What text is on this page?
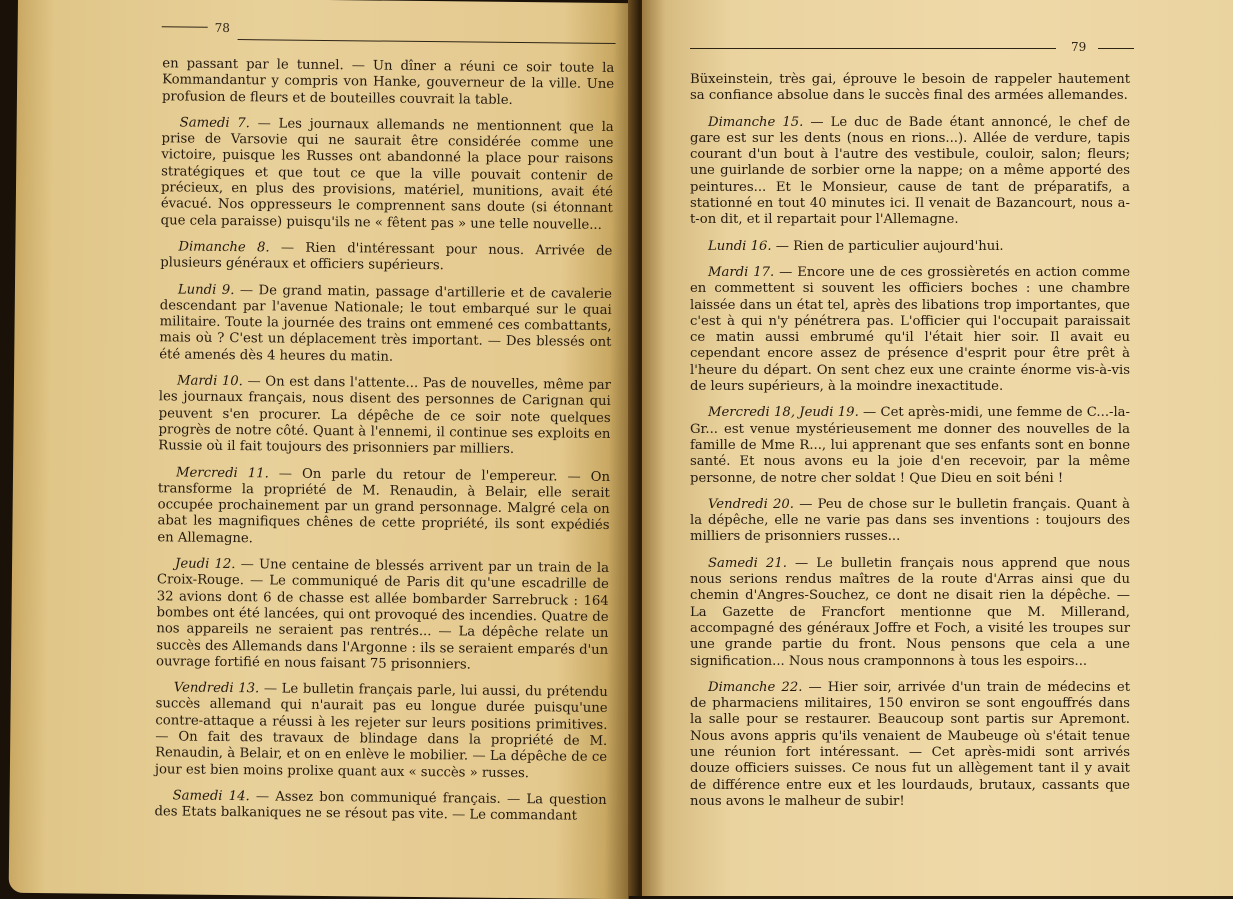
78

en passant par le tunnel. — Un dîner a réuni ce soir toute la Kommandantur y compris von Hanke, gouverneur de la ville. Une profusion de fleurs et de bouteilles couvrait la table.

Samedi 7. — Les journaux allemands ne mentionnent que la prise de Varsovie qui ne saurait être considérée comme une victoire, puisque les Russes ont abandonné la place pour raisons stratégiques et que tout ce que la ville pouvait contenir de précieux, en plus des provisions, matériel, munitions, avait été évacué. Nos oppresseurs le comprennent sans doute (si étonnant que cela paraisse) puisqu'ils ne « fêtent pas » une telle nouvelle...

Dimanche 8. — Rien d'intéressant pour nous. Arrivée de plusieurs généraux et officiers supérieurs.

Lundi 9. — De grand matin, passage d'artillerie et de cavalerie descendant par l'avenue Nationale; le tout embarqué sur le quai militaire. Toute la journée des trains ont emmené ces combattants, mais où ? C'est un déplacement très important. — Des blessés ont été amenés dès 4 heures du matin.

Mardi 10. — On est dans l'attente... Pas de nouvelles, même par les journaux français, nous disent des personnes de Carignan qui peuvent s'en procurer. La dépêche de ce soir note quelques progrès de notre côté. Quant à l'ennemi, il continue ses exploits en Russie où il fait toujours des prisonniers par milliers.

Mercredi 11. — On parle du retour de l'empereur. — On transforme la propriété de M. Renaudin, à Belair, elle serait occupée prochainement par un grand personnage. Malgré cela on abat les magnifiques chênes de cette propriété, ils sont expédiés en Allemagne.

Jeudi 12. — Une centaine de blessés arrivent par un train de la Croix-Rouge. — Le communiqué de Paris dit qu'une escadrille de 32 avions dont 6 de chasse est allée bombarder Sarrebruck : 164 bombes ont été lancées, qui ont provoqué des incendies. Quatre de nos appareils ne seraient pas rentrés... — La dépêche relate un succès des Allemands dans l'Argonne : ils se seraient emparés d'un ouvrage fortifié en nous faisant 75 prisonniers.

Vendredi 13. — Le bulletin français parle, lui aussi, du prétendu succès allemand qui n'aurait pas eu longue durée puisqu'une contre-attaque a réussi à les rejeter sur leurs positions primitives. — On fait des travaux de blindage dans la propriété de M. Renaudin, à Belair, et on en enlève le mobilier. — La dépêche de ce jour est bien moins prolixe quant aux « succès » russes.

Samedi 14. — Assez bon communiqué français. — La question des Etats balkaniques ne se résout pas vite. — Le commandant

79

Büxeinstein, très gai, éprouve le besoin de rappeler hautement sa confiance absolue dans le succès final des armées allemandes.

Dimanche 15. — Le duc de Bade étant annoncé, le chef de gare est sur les dents (nous en rions...). Allée de verdure, tapis courant d'un bout à l'autre des vestibule, couloir, salon; fleurs; une guirlande de sorbier orne la nappe; on a même apporté des peintures... Et le Monsieur, cause de tant de préparatifs, a stationné en tout 40 minutes ici. Il venait de Bazancourt, nous a-t-on dit, et il repartait pour l'Allemagne.

Lundi 16. — Rien de particulier aujourd'hui.

Mardi 17. — Encore une de ces grossièretés en action comme en commettent si souvent les officiers boches : une chambre laissée dans un état tel, après des libations trop importantes, que c'est à qui n'y pénétrera pas. L'officier qui l'occupait paraissait ce matin aussi embrumé qu'il l'était hier soir. Il avait eu cependant encore assez de présence d'esprit pour être prêt à l'heure du départ. On sent chez eux une crainte énorme vis-à-vis de leurs supérieurs, à la moindre inexactitude.

Mercredi 18, Jeudi 19. — Cet après-midi, une femme de C...-la-Gr... est venue mystérieusement me donner des nouvelles de la famille de Mme R..., lui apprenant que ses enfants sont en bonne santé. Et nous avons eu la joie d'en recevoir, par la même personne, de notre cher soldat ! Que Dieu en soit béni !

Vendredi 20. — Peu de chose sur le bulletin français. Quant à la dépêche, elle ne varie pas dans ses inventions : toujours des milliers de prisonniers russes...

Samedi 21. — Le bulletin français nous apprend que nous nous serions rendus maîtres de la route d'Arras ainsi que du chemin d'Angres-Souchez, ce dont ne disait rien la dépêche. — La Gazette de Francfort mentionne que M. Millerand, accompagné des généraux Joffre et Foch, a visité les troupes sur une grande partie du front. Nous pensons que cela a une signification... Nous nous cramponnons à tous les espoirs...

Dimanche 22. — Hier soir, arrivée d'un train de médecins et de pharmaciens militaires, 150 environ se sont engouffrés dans la salle pour se restaurer. Beaucoup sont partis sur Apremont. Nous avons appris qu'ils venaient de Maubeuge où s'était tenue une réunion fort intéressant. — Cet après-midi sont arrivés douze officiers suisses. Ce nous fut un allègement tant il y avait de différence entre eux et les lourdauds, brutaux, cassants que nous avons le malheur de subir!
